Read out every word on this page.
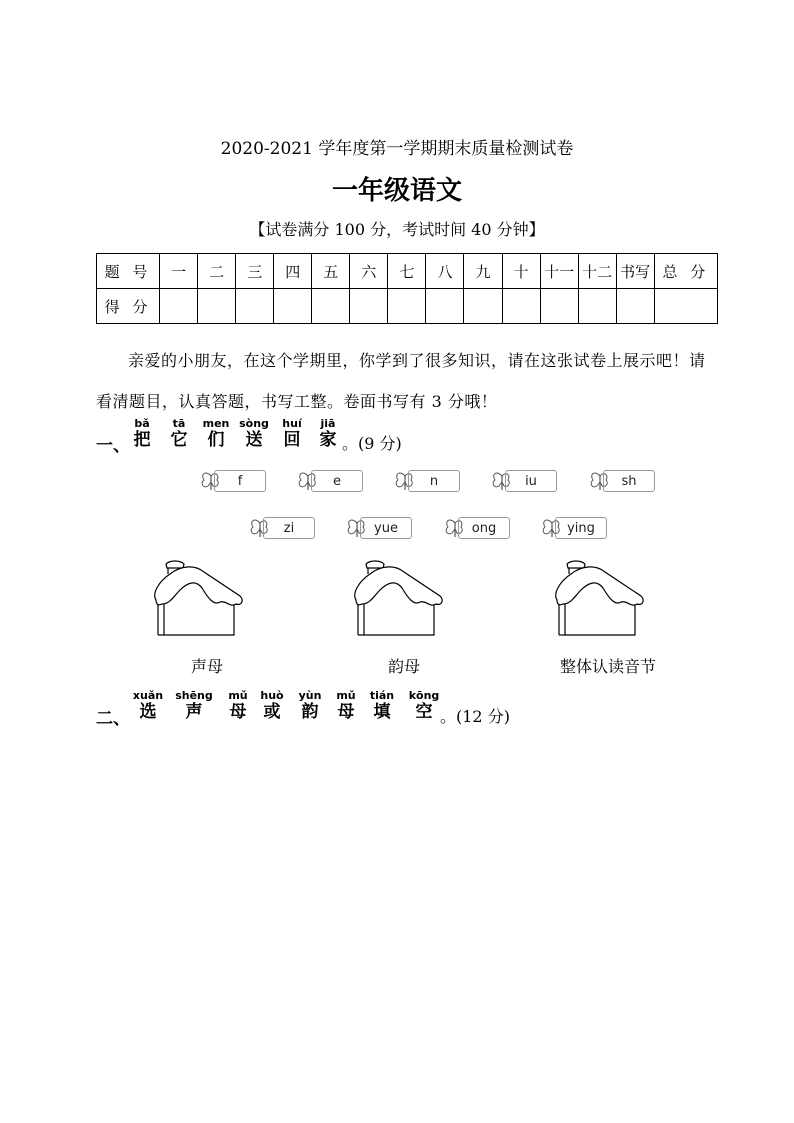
2020-2021 学年度第一学期期末质量检测试卷
一年级语文
【试卷满分 100 分，考试时间 40 分钟】
题 号	一	二	三	四	五	六	七	八	九	十	十一	十二	书写	总 分
得 分														
亲爱的小朋友，在这个学期里，你学到了很多知识，请在这张试卷上展示吧！请看清题目，认真答题，书写工整。卷面书写有 3 分哦！
一、
bǎ
把
tā
它
men
们
sòng
送
huí
回
jiā
家 。(9 分)
f	e	n	iu	sh
zi	yue	ong	ying
声母	韵母	整体认读音节
二、
xuǎn
选
shēng
声
mǔ
母
huò
或
yùn
韵
mǔ
母
tián
填
kōng
空 。(12 分)
